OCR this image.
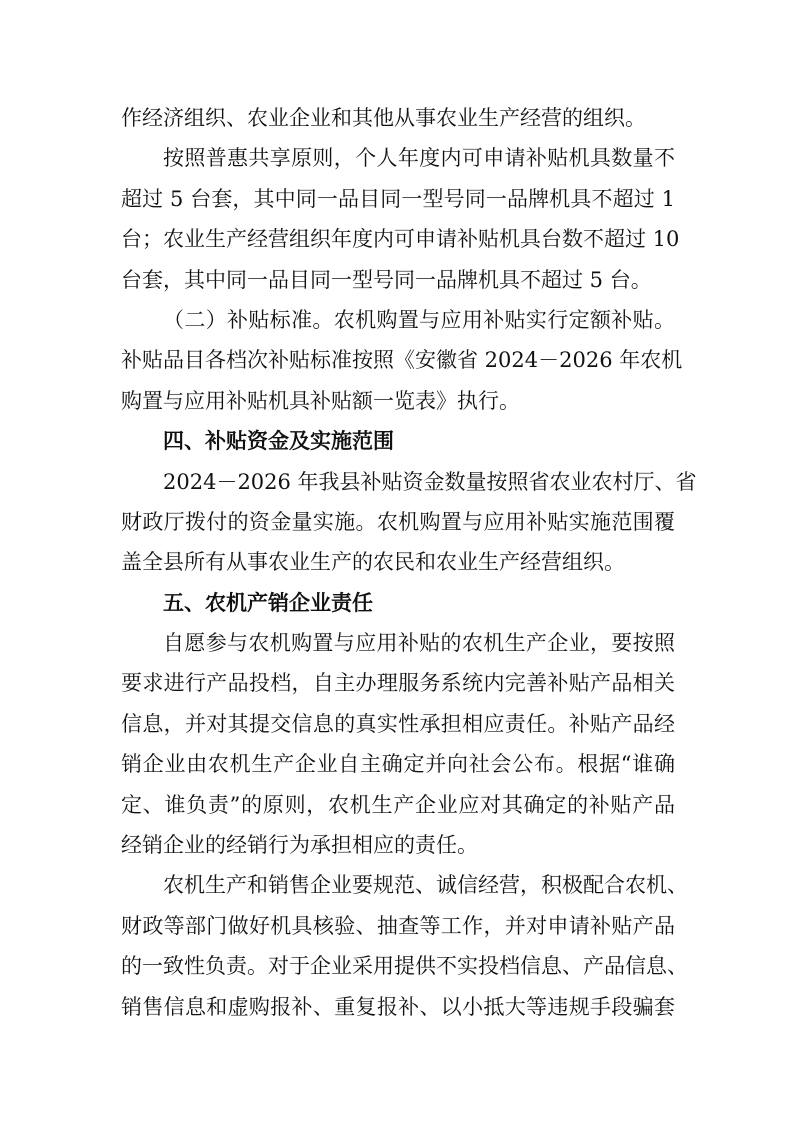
作经济组织、农业企业和其他从事农业生产经营的组织。
按照普惠共享原则，个人年度内可申请补贴机具数量不
超过 5 台套，其中同一品目同一型号同一品牌机具不超过 1
台；农业生产经营组织年度内可申请补贴机具台数不超过 10
台套，其中同一品目同一型号同一品牌机具不超过 5 台。
（二）补贴标准。农机购置与应用补贴实行定额补贴。
补贴品目各档次补贴标准按照《安徽省 2024－2026 年农机
购置与应用补贴机具补贴额一览表》执行。
四、补贴资金及实施范围
2024－2026 年我县补贴资金数量按照省农业农村厅、省
财政厅拨付的资金量实施。农机购置与应用补贴实施范围覆
盖全县所有从事农业生产的农民和农业生产经营组织。
五、农机产销企业责任
自愿参与农机购置与应用补贴的农机生产企业，要按照
要求进行产品投档，自主办理服务系统内完善补贴产品相关
信息，并对其提交信息的真实性承担相应责任。补贴产品经
销企业由农机生产企业自主确定并向社会公布。根据“谁确
定、谁负责”的原则，农机生产企业应对其确定的补贴产品
经销企业的经销行为承担相应的责任。
农机生产和销售企业要规范、诚信经营，积极配合农机、
财政等部门做好机具核验、抽查等工作，并对申请补贴产品
的一致性负责。对于企业采用提供不实投档信息、产品信息、
销售信息和虚购报补、重复报补、以小抵大等违规手段骗套
